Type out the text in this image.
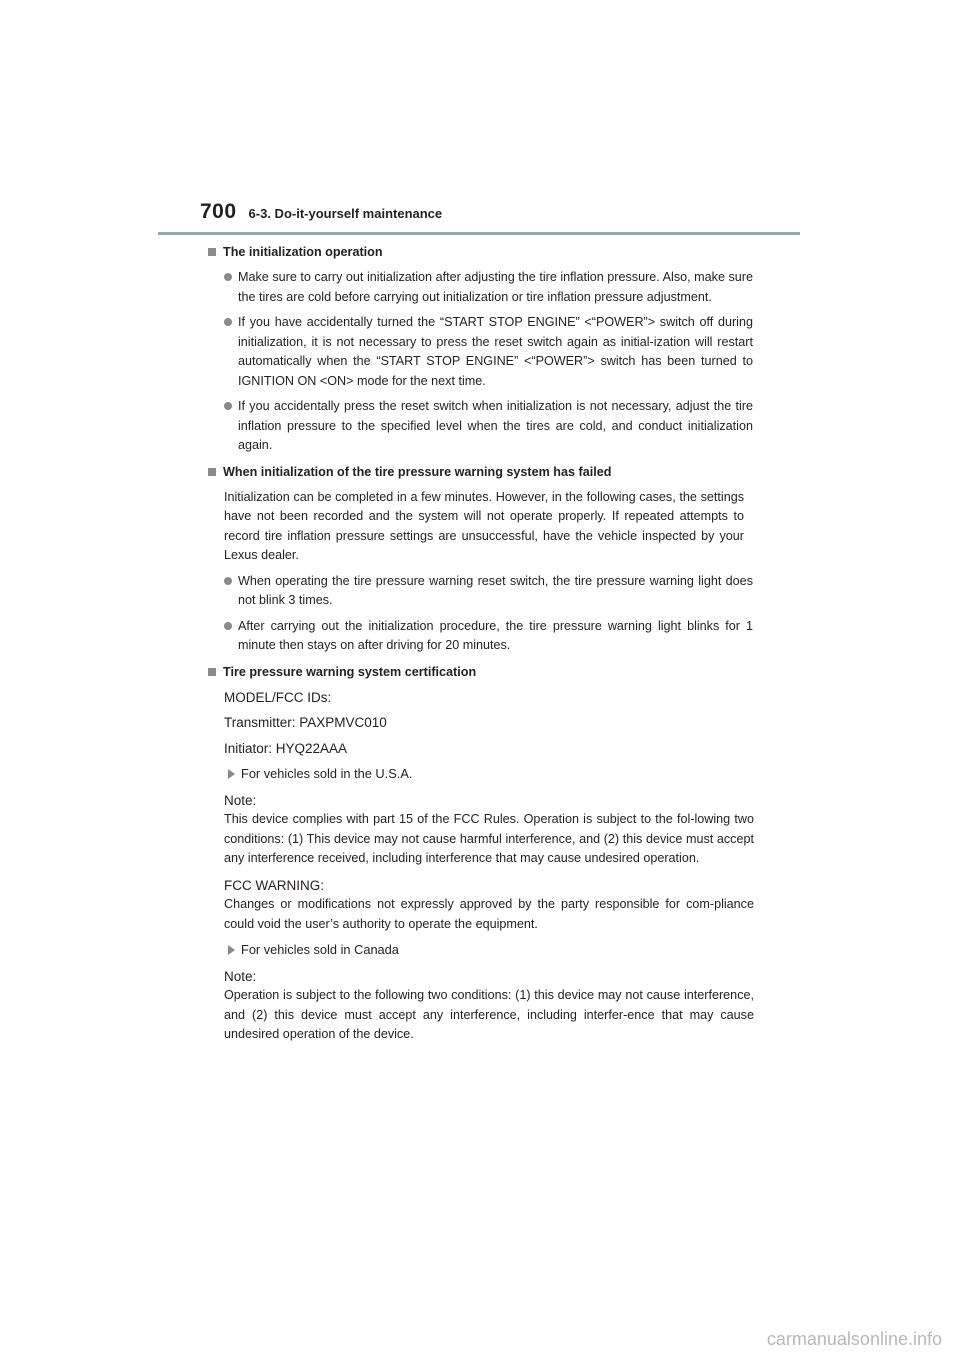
700 6-3. Do-it-yourself maintenance
The initialization operation
Make sure to carry out initialization after adjusting the tire inflation pressure. Also, make sure the tires are cold before carrying out initialization or tire inflation pressure adjustment.
If you have accidentally turned the “START STOP ENGINE” <“POWER”> switch off during initialization, it is not necessary to press the reset switch again as initial-ization will restart automatically when the “START STOP ENGINE” <“POWER”> switch has been turned to IGNITION ON <ON> mode for the next time.
If you accidentally press the reset switch when initialization is not necessary, adjust the tire inflation pressure to the specified level when the tires are cold, and conduct initialization again.
When initialization of the tire pressure warning system has failed
Initialization can be completed in a few minutes. However, in the following cases, the settings have not been recorded and the system will not operate properly. If repeated attempts to record tire inflation pressure settings are unsuccessful, have the vehicle inspected by your Lexus dealer.
When operating the tire pressure warning reset switch, the tire pressure warning light does not blink 3 times.
After carrying out the initialization procedure, the tire pressure warning light blinks for 1 minute then stays on after driving for 20 minutes.
Tire pressure warning system certification
MODEL/FCC IDs:
Transmitter: PAXPMVC010
Initiator: HYQ22AAA
For vehicles sold in the U.S.A.
Note:
This device complies with part 15 of the FCC Rules. Operation is subject to the fol-lowing two conditions: (1) This device may not cause harmful interference, and (2) this device must accept any interference received, including interference that may cause undesired operation.
FCC WARNING:
Changes or modifications not expressly approved by the party responsible for com-pliance could void the user’s authority to operate the equipment.
For vehicles sold in Canada
Note:
Operation is subject to the following two conditions: (1) this device may not cause interference, and (2) this device must accept any interference, including interfer-ence that may cause undesired operation of the device.
carmanualsonline.info
